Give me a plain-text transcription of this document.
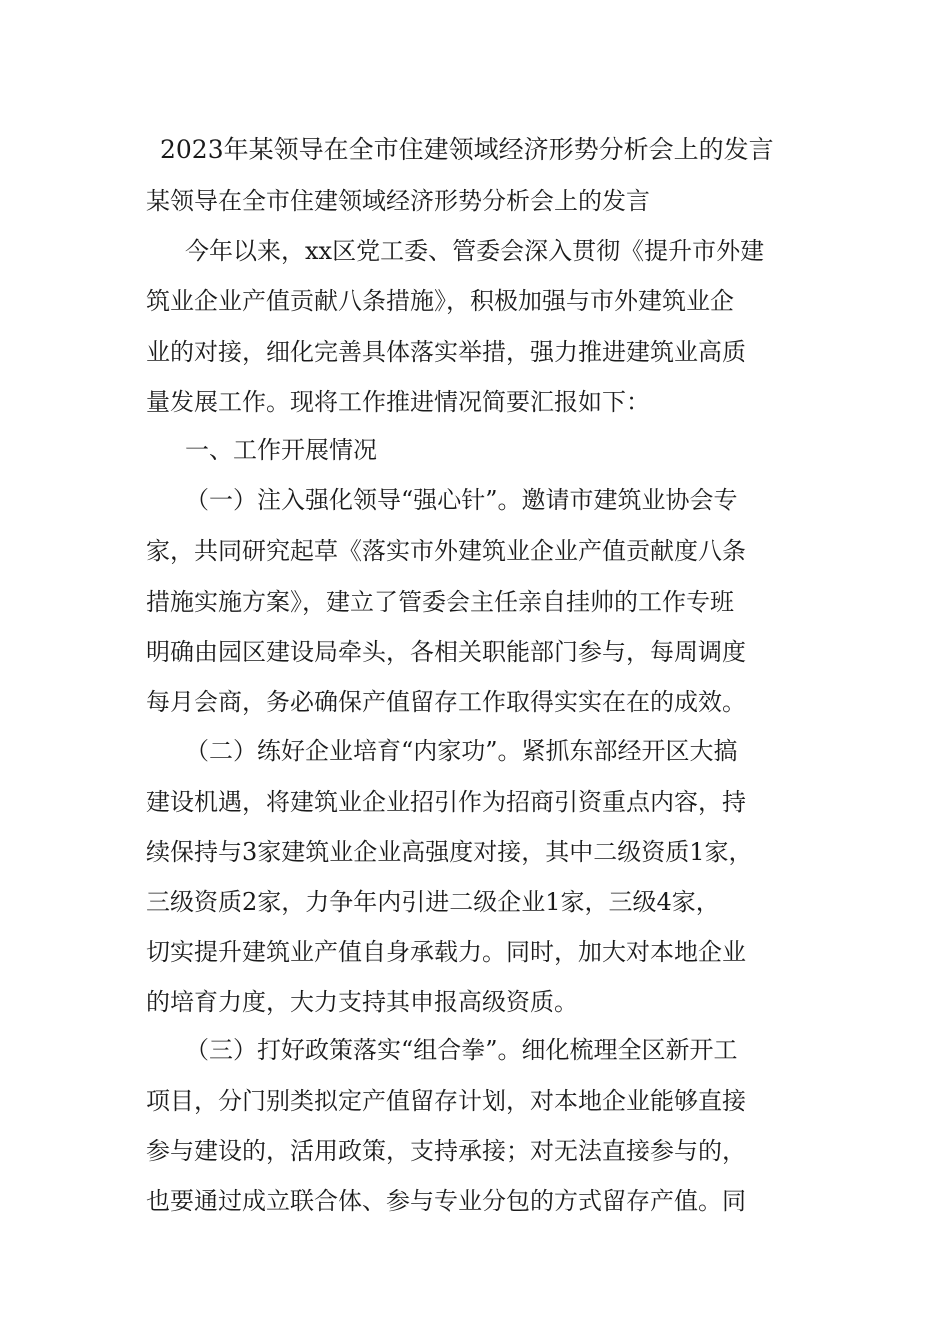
2023年某领导在全市住建领域经济形势分析会上的发言

某领导在全市住建领域经济形势分析会上的发言

今年以来，xx区党工委、管委会深入贯彻《提升市外建

筑业企业产值贡献八条措施》，积极加强与市外建筑业企

业的对接，细化完善具体落实举措，强力推进建筑业高质

量发展工作。现将工作推进情况简要汇报如下：

一、工作开展情况

（一）注入强化领导“强心针”。邀请市建筑业协会专

家，共同研究起草《落实市外建筑业企业产值贡献度八条

措施实施方案》，建立了管委会主任亲自挂帅的工作专班

明确由园区建设局牵头，各相关职能部门参与，每周调度

每月会商，务必确保产值留存工作取得实实在在的成效。

（二）练好企业培育“内家功”。紧抓东部经开区大搞

建设机遇，将建筑业企业招引作为招商引资重点内容，持

续保持与3家建筑业企业高强度对接，其中二级资质1家，

三级资质2家，力争年内引进二级企业1家，三级4家，

切实提升建筑业产值自身承载力。同时，加大对本地企业

的培育力度，大力支持其申报高级资质。

（三）打好政策落实“组合拳”。细化梳理全区新开工

项目，分门别类拟定产值留存计划，对本地企业能够直接

参与建设的，活用政策，支持承接；对无法直接参与的，

也要通过成立联合体、参与专业分包的方式留存产值。同
